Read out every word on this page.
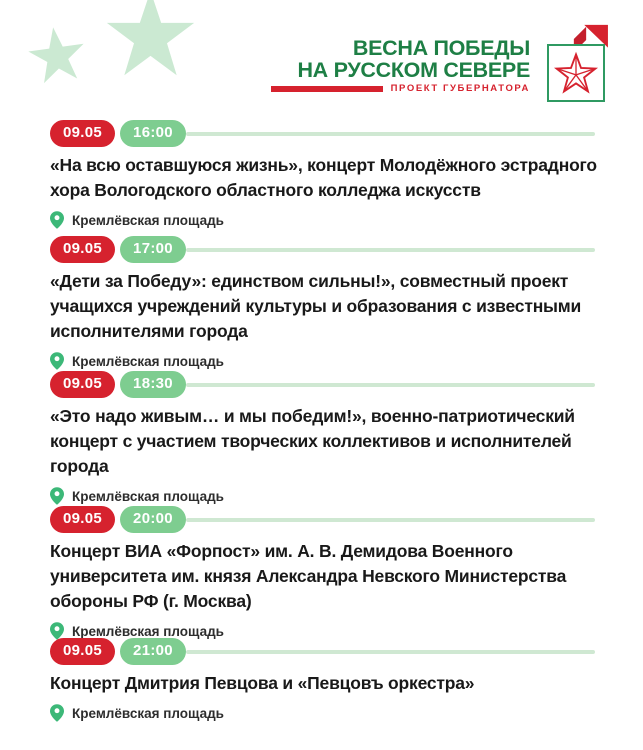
ВЕСНА ПОБЕДЫ
НА РУССКОМ СЕВЕРЕ
ПРОЕКТ ГУБЕРНАТОРА
09.05	16:00
«На всю оставшуюся жизнь», концерт Молодёжного эстрадного хора Вологодского областного колледжа искусств
Кремлёвская площадь
09.05	17:00
«Дети за Победу»: единством сильны!», совместный проект учащихся учреждений культуры и образования с известными исполнителями города
Кремлёвская площадь
09.05	18:30
«Это надо живым… и мы победим!», военно-патриотический концерт с участием творческих коллективов и исполнителей города
Кремлёвская площадь
09.05	20:00
Концерт ВИА «Форпост» им. А. В. Демидова Военного университета им. князя Александра Невского Министерства обороны РФ (г. Москва)
Кремлёвская площадь
09.05	21:00
Концерт Дмитрия Певцова и «Певцовъ оркестра»
Кремлёвская площадь
